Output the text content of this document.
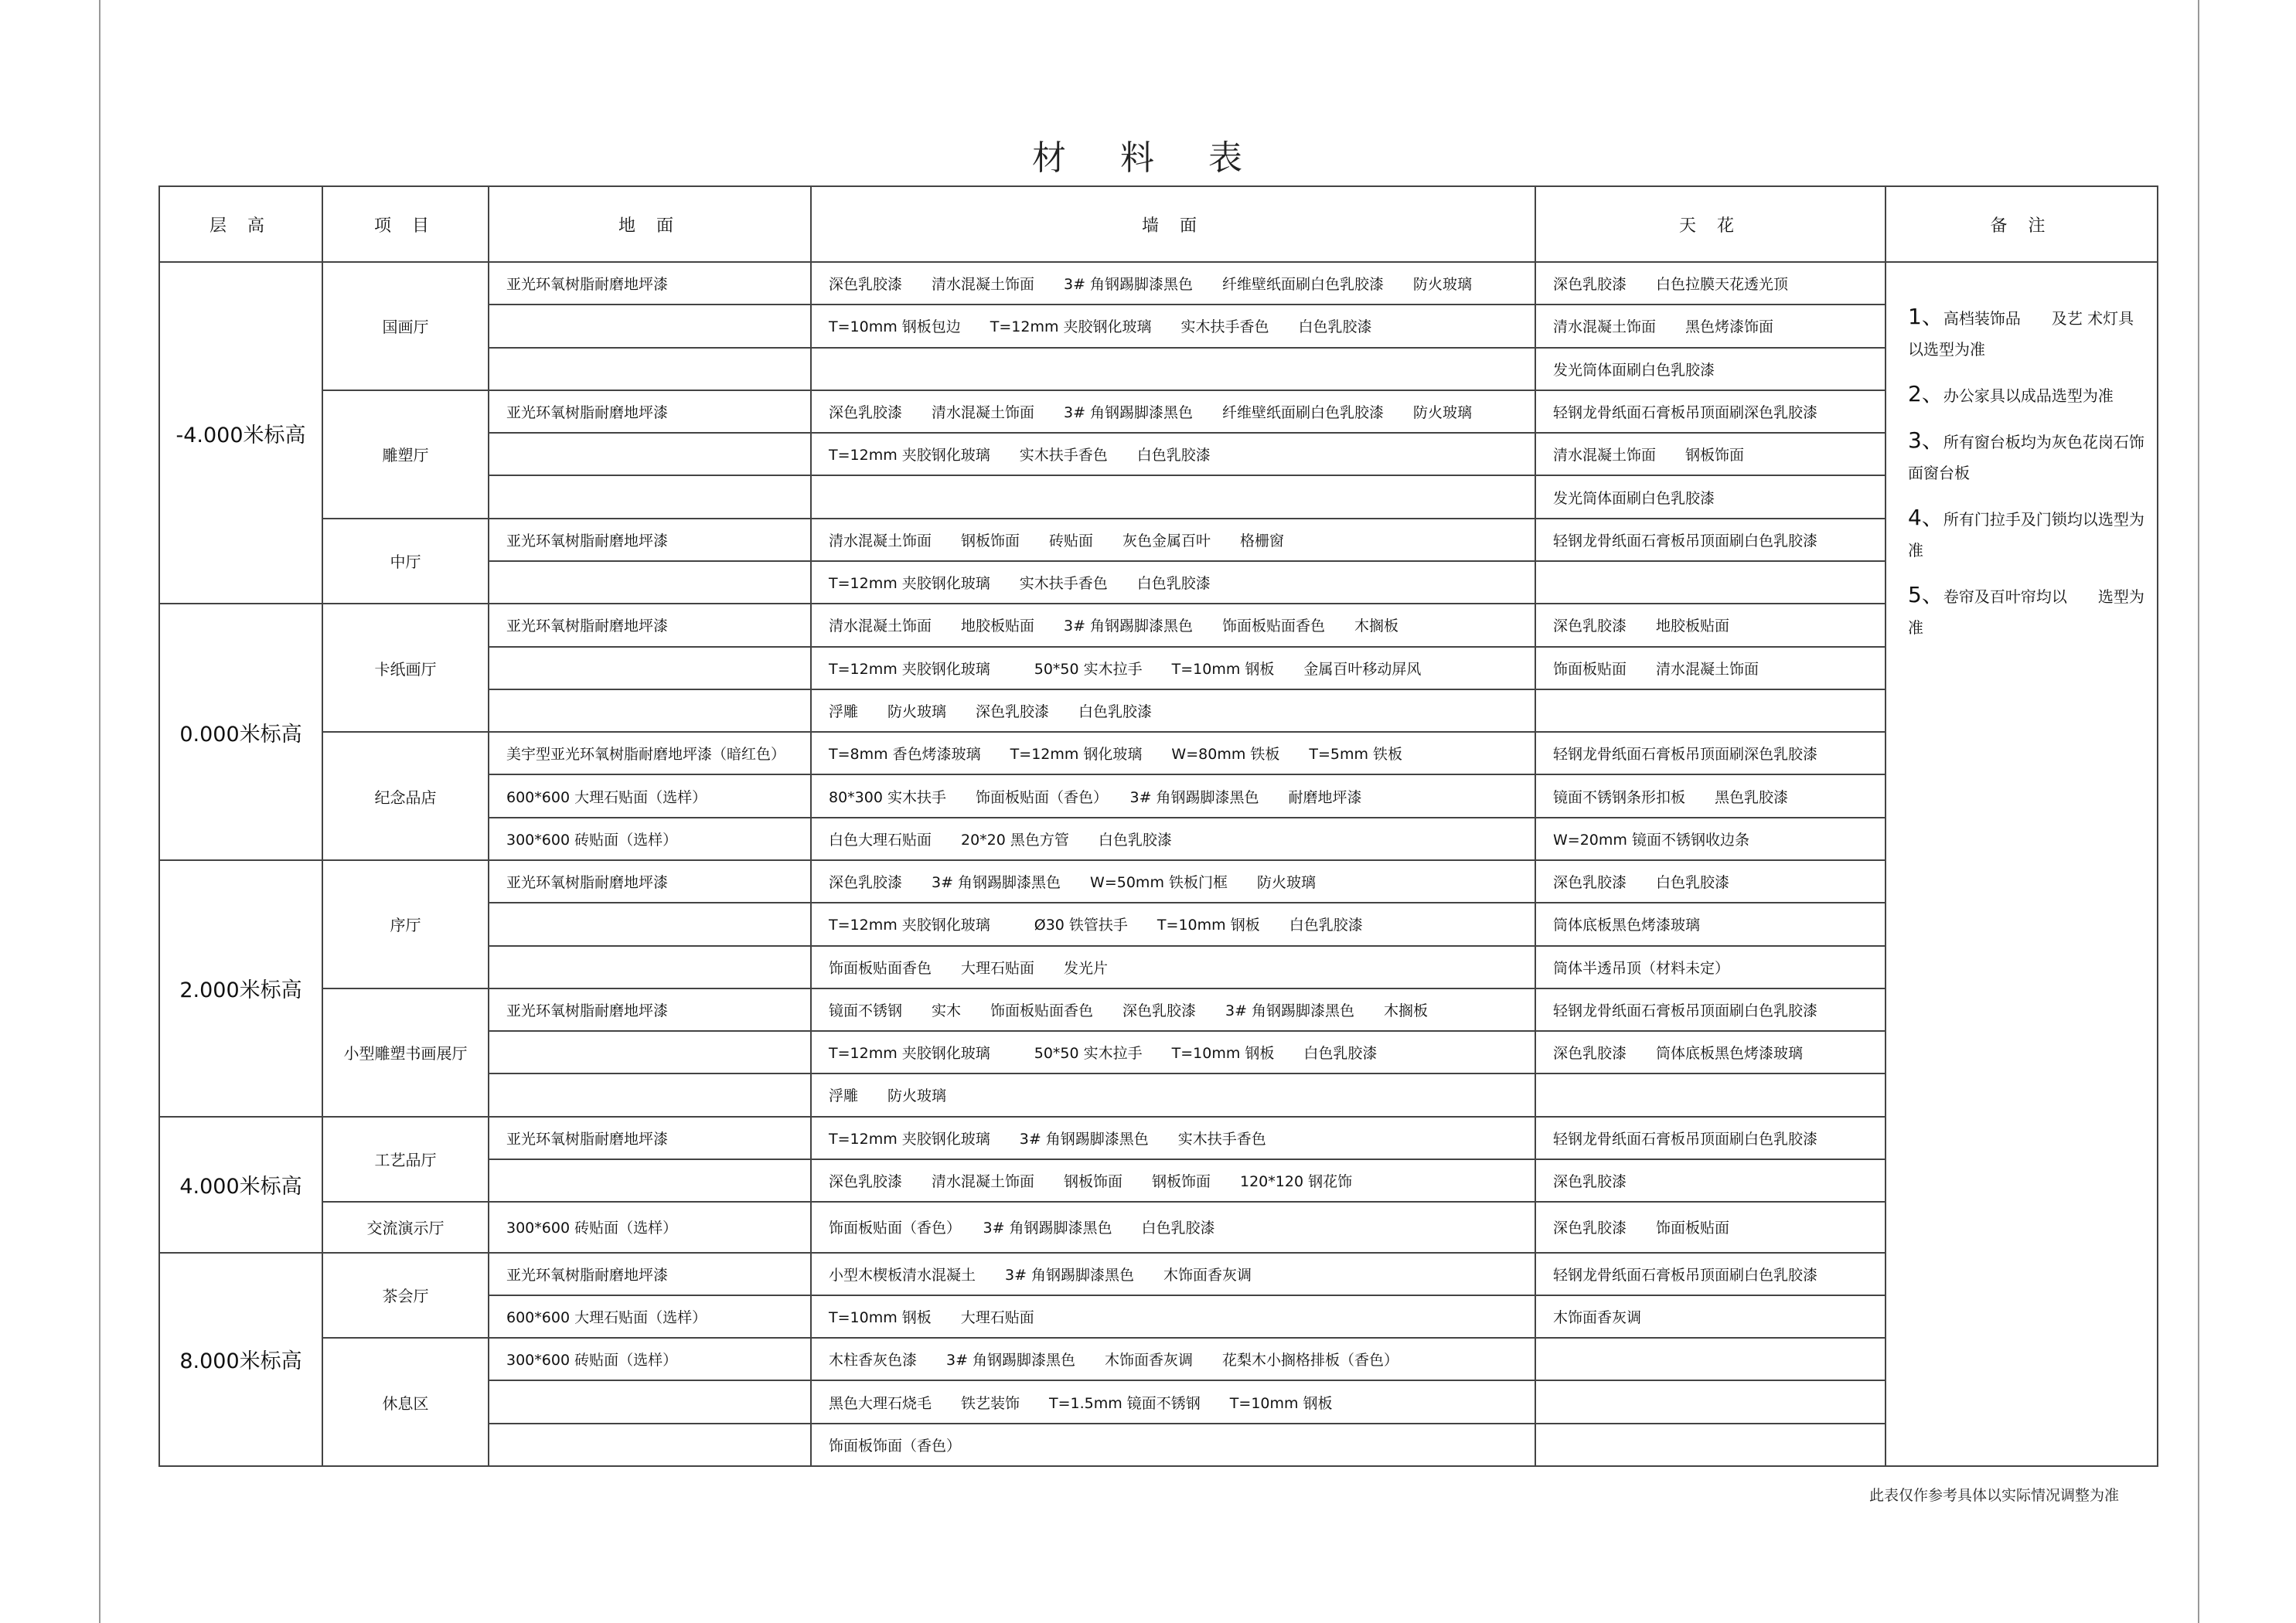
材 料 表
层 高	项 目	地 面	墙 面	天 花	备 注
-4.000米标高	国画厅	亚光环氧树脂耐磨地坪漆	深色乳胶漆　　清水混凝土饰面　　3# 角钢踢脚漆黑色　　纤维壁纸面刷白色乳胶漆　　防火玻璃	深色乳胶漆　　白色拉膜天花透光顶	1、高档装饰品　　及艺 术灯具以选型为准
2、办公家具以成品选型为准
3、所有窗台板均为灰色花岗石饰面窗台板
4、所有门拉手及门锁均以选型为准
5、卷帘及百叶帘均以　　选型为准

			T=10mm 钢板包边　　T=12mm 夹胶钢化玻璃　　实木扶手香色　　白色乳胶漆	清水混凝土饰面　　黑色烤漆饰面	
				发光筒体面刷白色乳胶漆	
	雕塑厅	亚光环氧树脂耐磨地坪漆	深色乳胶漆　　清水混凝土饰面　　3# 角钢踢脚漆黑色　　纤维壁纸面刷白色乳胶漆　　防火玻璃	轻钢龙骨纸面石膏板吊顶面刷深色乳胶漆	
			T=12mm 夹胶钢化玻璃　　实木扶手香色　　白色乳胶漆	清水混凝土饰面　　钢板饰面	
				发光筒体面刷白色乳胶漆	
	中厅	亚光环氧树脂耐磨地坪漆	清水混凝土饰面　　钢板饰面　　砖贴面　　灰色金属百叶　　格栅窗	轻钢龙骨纸面石膏板吊顶面刷白色乳胶漆	
			T=12mm 夹胶钢化玻璃　　实木扶手香色　　白色乳胶漆		
0.000米标高	卡纸画厅	亚光环氧树脂耐磨地坪漆	清水混凝土饰面　　地胶板贴面　　3# 角钢踢脚漆黑色　　饰面板贴面香色　　木搁板	深色乳胶漆　　地胶板贴面	
			T=12mm 夹胶钢化玻璃　　　50*50 实木拉手　　T=10mm 钢板　　金属百叶移动屏风	饰面板贴面　　清水混凝土饰面	
			浮雕　　防火玻璃　　深色乳胶漆　　白色乳胶漆		
	纪念品店	美宇型亚光环氧树脂耐磨地坪漆（暗红色）	T=8mm 香色烤漆玻璃　　T=12mm 钢化玻璃　　W=80mm 铁板　　T=5mm 铁板	轻钢龙骨纸面石膏板吊顶面刷深色乳胶漆	
		600*600 大理石贴面（选样）	80*300 实木扶手　　饰面板贴面（香色）　　3# 角钢踢脚漆黑色　　耐磨地坪漆	镜面不锈钢条形扣板　　黑色乳胶漆	
		300*600 砖贴面（选样）	白色大理石贴面　　20*20 黑色方管　　白色乳胶漆	W=20mm 镜面不锈钢收边条	
2.000米标高	序厅	亚光环氧树脂耐磨地坪漆	深色乳胶漆　　3# 角钢踢脚漆黑色　　W=50mm 铁板门框　　防火玻璃	深色乳胶漆　　白色乳胶漆	
			T=12mm 夹胶钢化玻璃　　　Ø30 铁管扶手　　T=10mm 钢板　　白色乳胶漆	筒体底板黑色烤漆玻璃	
			饰面板贴面香色　　大理石贴面　　发光片	筒体半透吊顶（材料未定）	
	小型雕塑书画展厅	亚光环氧树脂耐磨地坪漆	镜面不锈钢　　实木　　饰面板贴面香色　　深色乳胶漆　　3# 角钢踢脚漆黑色　　木搁板	轻钢龙骨纸面石膏板吊顶面刷白色乳胶漆	
			T=12mm 夹胶钢化玻璃　　　50*50 实木拉手　　T=10mm 钢板　　白色乳胶漆	深色乳胶漆　　筒体底板黑色烤漆玻璃	
			浮雕　　防火玻璃		
4.000米标高	工艺品厅	亚光环氧树脂耐磨地坪漆	T=12mm 夹胶钢化玻璃　　3# 角钢踢脚漆黑色　　实木扶手香色	轻钢龙骨纸面石膏板吊顶面刷白色乳胶漆	
			深色乳胶漆　　清水混凝土饰面　　钢板饰面　　钢板饰面　　120*120 钢花饰	深色乳胶漆	
	交流演示厅	300*600 砖贴面（选样）	饰面板贴面（香色）　　3# 角钢踢脚漆黑色　　白色乳胶漆	深色乳胶漆　　饰面板贴面	
8.000米标高	茶会厅	亚光环氧树脂耐磨地坪漆	小型木楔板清水混凝土　　3# 角钢踢脚漆黑色　　木饰面香灰调	轻钢龙骨纸面石膏板吊顶面刷白色乳胶漆	
		600*600 大理石贴面（选样）	T=10mm 钢板　　大理石贴面	木饰面香灰调	
	休息区	300*600 砖贴面（选样）	木柱香灰色漆　　3# 角钢踢脚漆黑色　　木饰面香灰调　　花梨木小搁格排板（香色）		
			黑色大理石烧毛　　铁艺装饰　　T=1.5mm 镜面不锈钢　　T=10mm 钢板		
			饰面板饰面（香色）		
此表仅作参考具体以实际情况调整为准
